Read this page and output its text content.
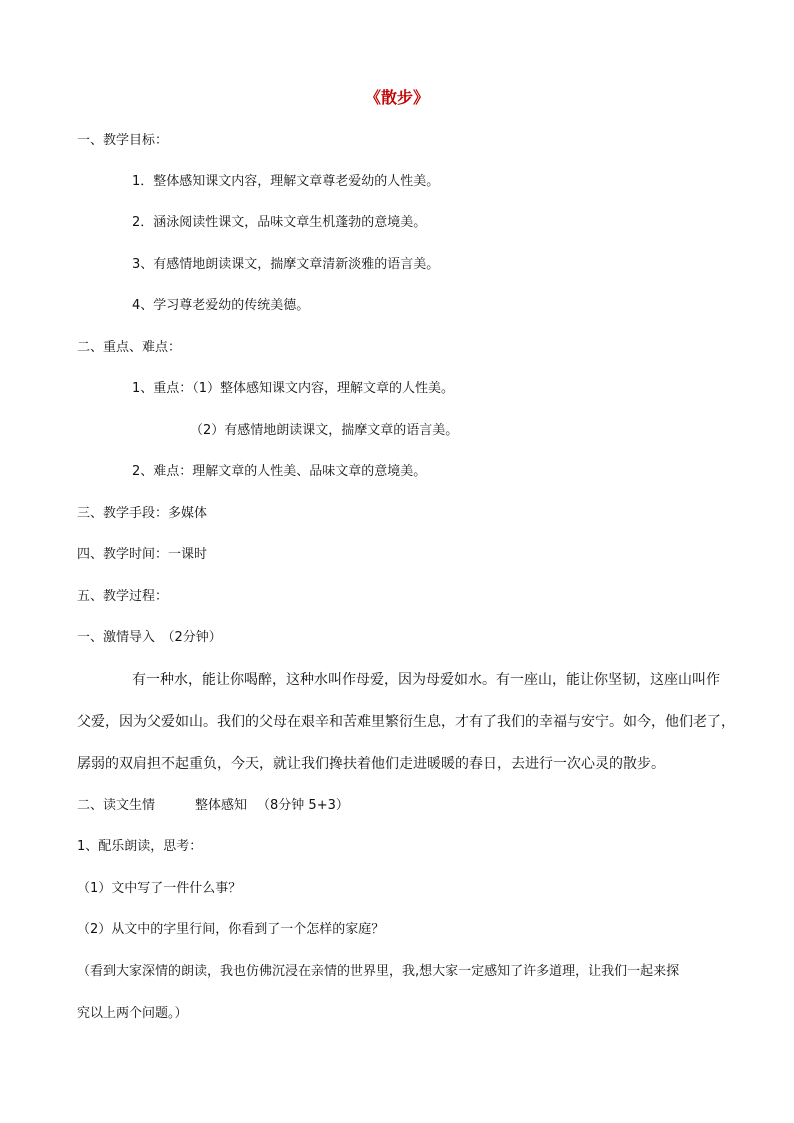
《散步》
一、教学目标：
1．整体感知课文内容，理解文章尊老爱幼的人性美。
2．涵泳阅读性课文，品味文章生机蓬勃的意境美。
3、有感情地朗读课文，揣摩文章清新淡雅的语言美。
4、学习尊老爱幼的传统美德。
二、重点、难点：
1、重点：（1）整体感知课文内容，理解文章的人性美。
（2）有感情地朗读课文，揣摩文章的语言美。
2、难点：理解文章的人性美、品味文章的意境美。
三、教学手段：多媒体
四、教学时间：一课时
五、教学过程：
一、激情导入　（2分钟）
有一种水，能让你喝醉，这种水叫作母爱，因为母爱如水。有一座山，能让你坚韧，这座山叫作
父爱，因为父爱如山。我们的父母在艰辛和苦难里繁衍生息，才有了我们的幸福与安宁。如今，他们老了，
孱弱的双肩担不起重负，今天，就让我们搀扶着他们走进暖暖的春日，去进行一次心灵的散步。
二、读文生情	整体感知 （8分钟 5+3）
1、配乐朗读，思考：
（1）文中写了一件什么事？
（2）从文中的字里行间，你看到了一个怎样的家庭？
（看到大家深情的朗读，我也仿佛沉浸在亲情的世界里，我,想大家一定感知了许多道理，让我们一起来探
究以上两个问题。）
